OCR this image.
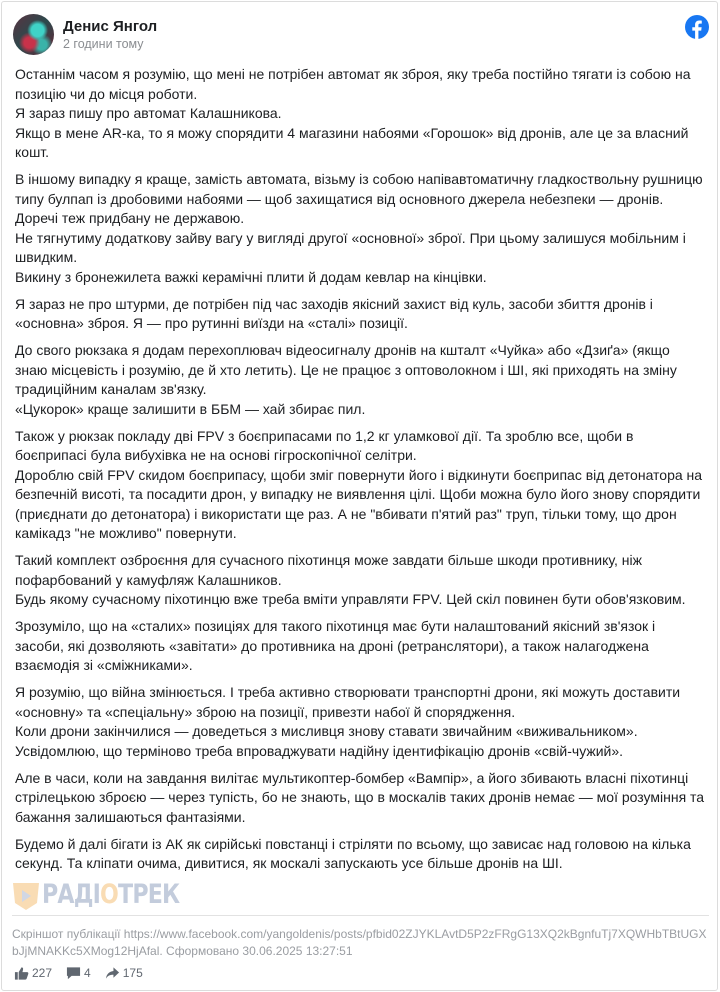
Денис Янгол
2 години тому
Останнім часом я розумію, що мені не потрібен автомат як зброя, яку треба постійно тягати із собою на позицію чи до місця роботи.
Я зараз пишу про автомат Калашникова.
Якщо в мене AR-ка, то я можу спорядити 4 магазини набоями «Горошок» від дронів, але це за власний кошт.
В іншому випадку я краще, замість автомата, візьму із собою напівавтоматичну гладкоствольну рушницю типу булпап із дробовими набоями — щоб захищатися від основного джерела небезпеки — дронів.
Доречі теж придбану не державою.
Не тягнутиму додаткову зайву вагу у вигляді другої «основної» зброї. При цьому залишуся мобільним і швидким.
Викину з бронежилета важкі керамічні плити й додам кевлар на кінцівки.
Я зараз не про штурми, де потрібен під час заходів якісний захист від куль, засоби збиття дронів і «основна» зброя. Я — про рутинні виїзди на «сталі» позиції.
До свого рюкзака я додам перехоплювач відеосигналу дронів на кшталт «Чуйка» або «Дзиґа» (якщо знаю місцевість і розумію, де й хто летить). Це не працює з оптоволокном і ШІ, які приходять на зміну традиційним каналам зв'язку.
«Цукорок» краще залишити в ББМ — хай збирає пил.
Також у рюкзак покладу дві FPV з боєприпасами по 1,2 кг уламкової дії. Та зроблю все, щоби в боєприпасі була вибухівка не на основі гігроскопічної селітри.
Дороблю свій FPV скидом боєприпасу, щоби зміг повернути його і відкинути боєприпас від детонатора на безпечній висоті, та посадити дрон, у випадку не виявлення цілі. Щоби можна було його знову спорядити (приєднати до детонатора) і використати ще раз. А не "вбивати п'ятий раз" труп, тільки тому, що дрон камікадз "не можливо" повернути.
Такий комплект озброєння для сучасного піхотинця може завдати більше шкоди противнику, ніж пофарбований у камуфляж Калашников.
Будь якому сучасному піхотинцю вже треба вміти управляти FPV. Цей скіл повинен бути обов'язковим.
Зрозуміло, що на «сталих» позиціях для такого піхотинця має бути налаштований якісний зв'язок і засоби, які дозволяють «завітати» до противника на дроні (ретранслятори), а також налагоджена взаємодія зі «сміжниками».
Я розумію, що війна змінюється. І треба активно створювати транспортні дрони, які можуть доставити «основну» та «спеціальну» зброю на позиції, привезти набої й спорядження.
Коли дрони закінчилися — доведеться з мисливця знову ставати звичайним «виживальником».
Усвідомлюю, що терміново треба впроваджувати надійну ідентифікацію дронів «свій-чужий».
Але в часи, коли на завдання вилітає мультикоптер-бомбер «Вампір», а його збивають власні піхотинці стрілецькою зброєю — через тупість, бо не знають, що в москалів таких дронів немає — мої розуміння та бажання залишаються фантазіями.
Будемо й далі бігати із АК як сирійські повстанці і стріляти по всьому, що зависає над головою на кілька секунд. Та кліпати очима, дивитися, як москалі запускають усе більше дронів на ШІ.
РАДІОТРЕК
Скріншот публікації https://www.facebook.com/yangoldenis/posts/pfbid02ZJYKLAvtD5P2zFRgG13XQ2kBgnfuTj7XQWHbTBtUGXbJjMNAKKc5XMog12HjAfal. Сформовано 30.06.2025 13:27:51
227	4	175
